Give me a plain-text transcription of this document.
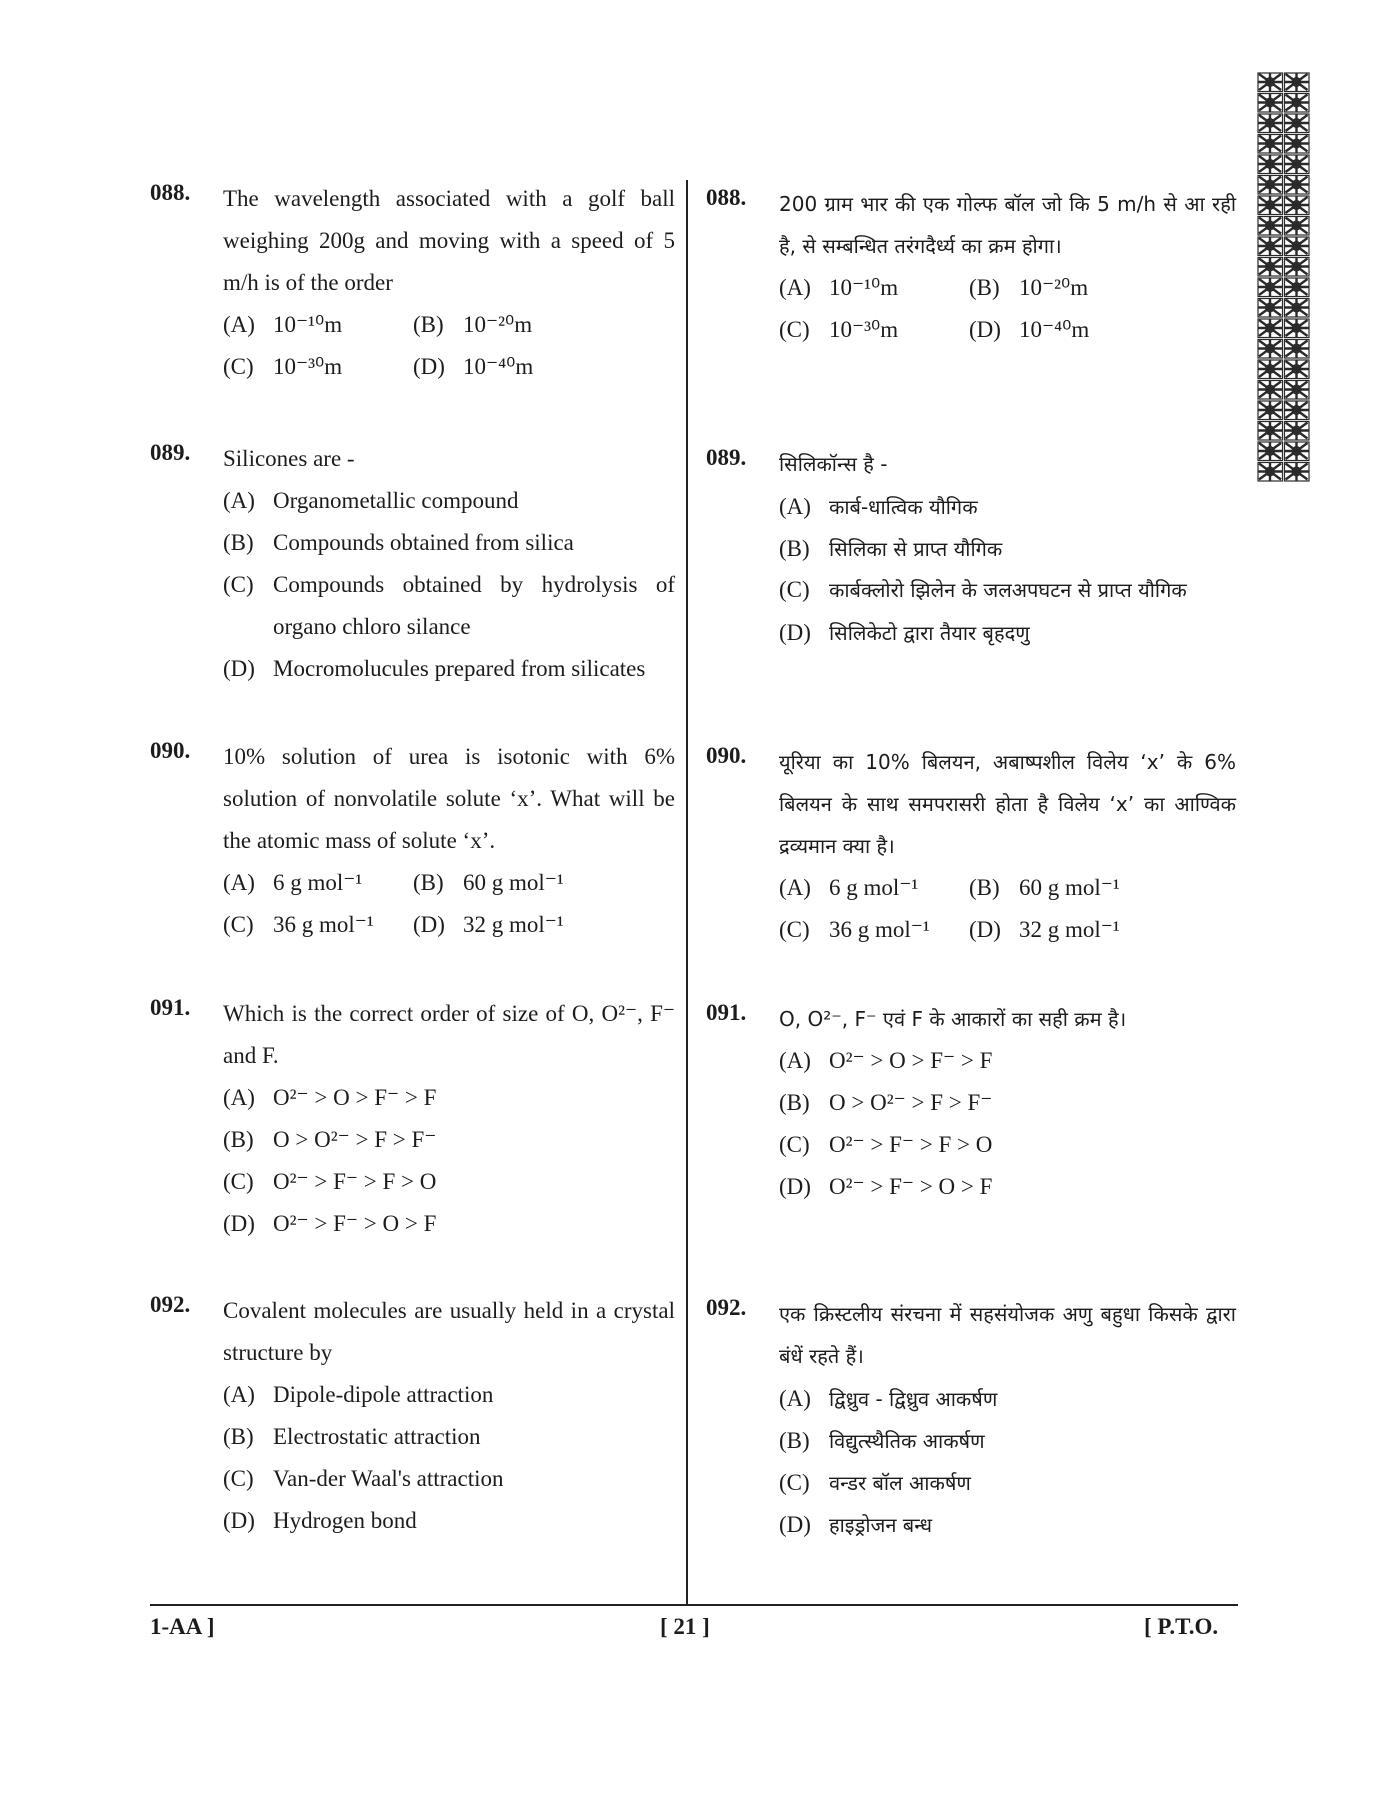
088. The wavelength associated with a golf ball weighing 200g and moving with a speed of 5 m/h is of the order
(A) 10⁻¹⁰m	(B) 10⁻²⁰m
(C) 10⁻³⁰m	(D) 10⁻⁴⁰m
089. Silicones are -
(A) Organometallic compound
(B) Compounds obtained from silica
(C) Compounds obtained by hydrolysis of organo chloro silance
(D) Mocromolucules prepared from silicates
090. 10% solution of urea is isotonic with 6% solution of nonvolatile solute ‘x’. What will be the atomic mass of solute ‘x’.
(A) 6 g mol⁻¹ (B) 60 g mol⁻¹
(C) 36 g mol⁻¹ (D) 32 g mol⁻¹
091. Which is the correct order of size of O, O²⁻, F⁻ and F.
(A) O²⁻ > O > F⁻ > F
(B) O > O²⁻ > F > F⁻
(C) O²⁻ > F⁻ > F > O
(D) O²⁻ > F⁻ > O > F
092. Covalent molecules are usually held in a crystal structure by
(A) Dipole-dipole attraction
(B) Electrostatic attraction
(C) Van-der Waal's attraction
(D) Hydrogen bond
088. 200 ग्राम भार की एक गोल्फ बॉल जो कि 5 m/h से आ रही है, से सम्बन्धित तरंगदैर्ध्य का क्रम होगा।
(A) 10⁻¹⁰m	(B) 10⁻²⁰m
(C) 10⁻³⁰m	(D) 10⁻⁴⁰m
089. सिलिकॉन्स है -
(A) कार्ब-धात्विक यौगिक
(B) सिलिका से प्राप्त यौगिक
(C) कार्बक्लोरो झिलेन के जलअपघटन से प्राप्त यौगिक
(D) सिलिकेटो द्वारा तैयार बृहदणु
090. यूरिया का 10% बिलयन, अबाष्पशील विलेय ‘x’ के 6% बिलयन के साथ समपरासरी होता है विलेय ‘x’ का आण्विक द्रव्यमान क्या है।
(A) 6 g mol⁻¹ (B) 60 g mol⁻¹
(C) 36 g mol⁻¹ (D) 32 g mol⁻¹
091. O, O²⁻, F⁻ एवं F के आकारों का सही क्रम है।
(A) O²⁻ > O > F⁻ > F
(B) O > O²⁻ > F > F⁻
(C) O²⁻ > F⁻ > F > O
(D) O²⁻ > F⁻ > O > F
092. एक क्रिस्टलीय संरचना में सहसंयोजक अणु बहुधा किसके द्वारा बंधें रहते हैं।
(A) द्विध्रुव - द्विध्रुव आकर्षण
(B) विद्युत्स्थैतिक आकर्षण
(C) वन्डर बॉल आकर्षण
(D) हाइड्रोजन बन्ध
1-AA ]	[ 21 ]	[ P.T.O.
